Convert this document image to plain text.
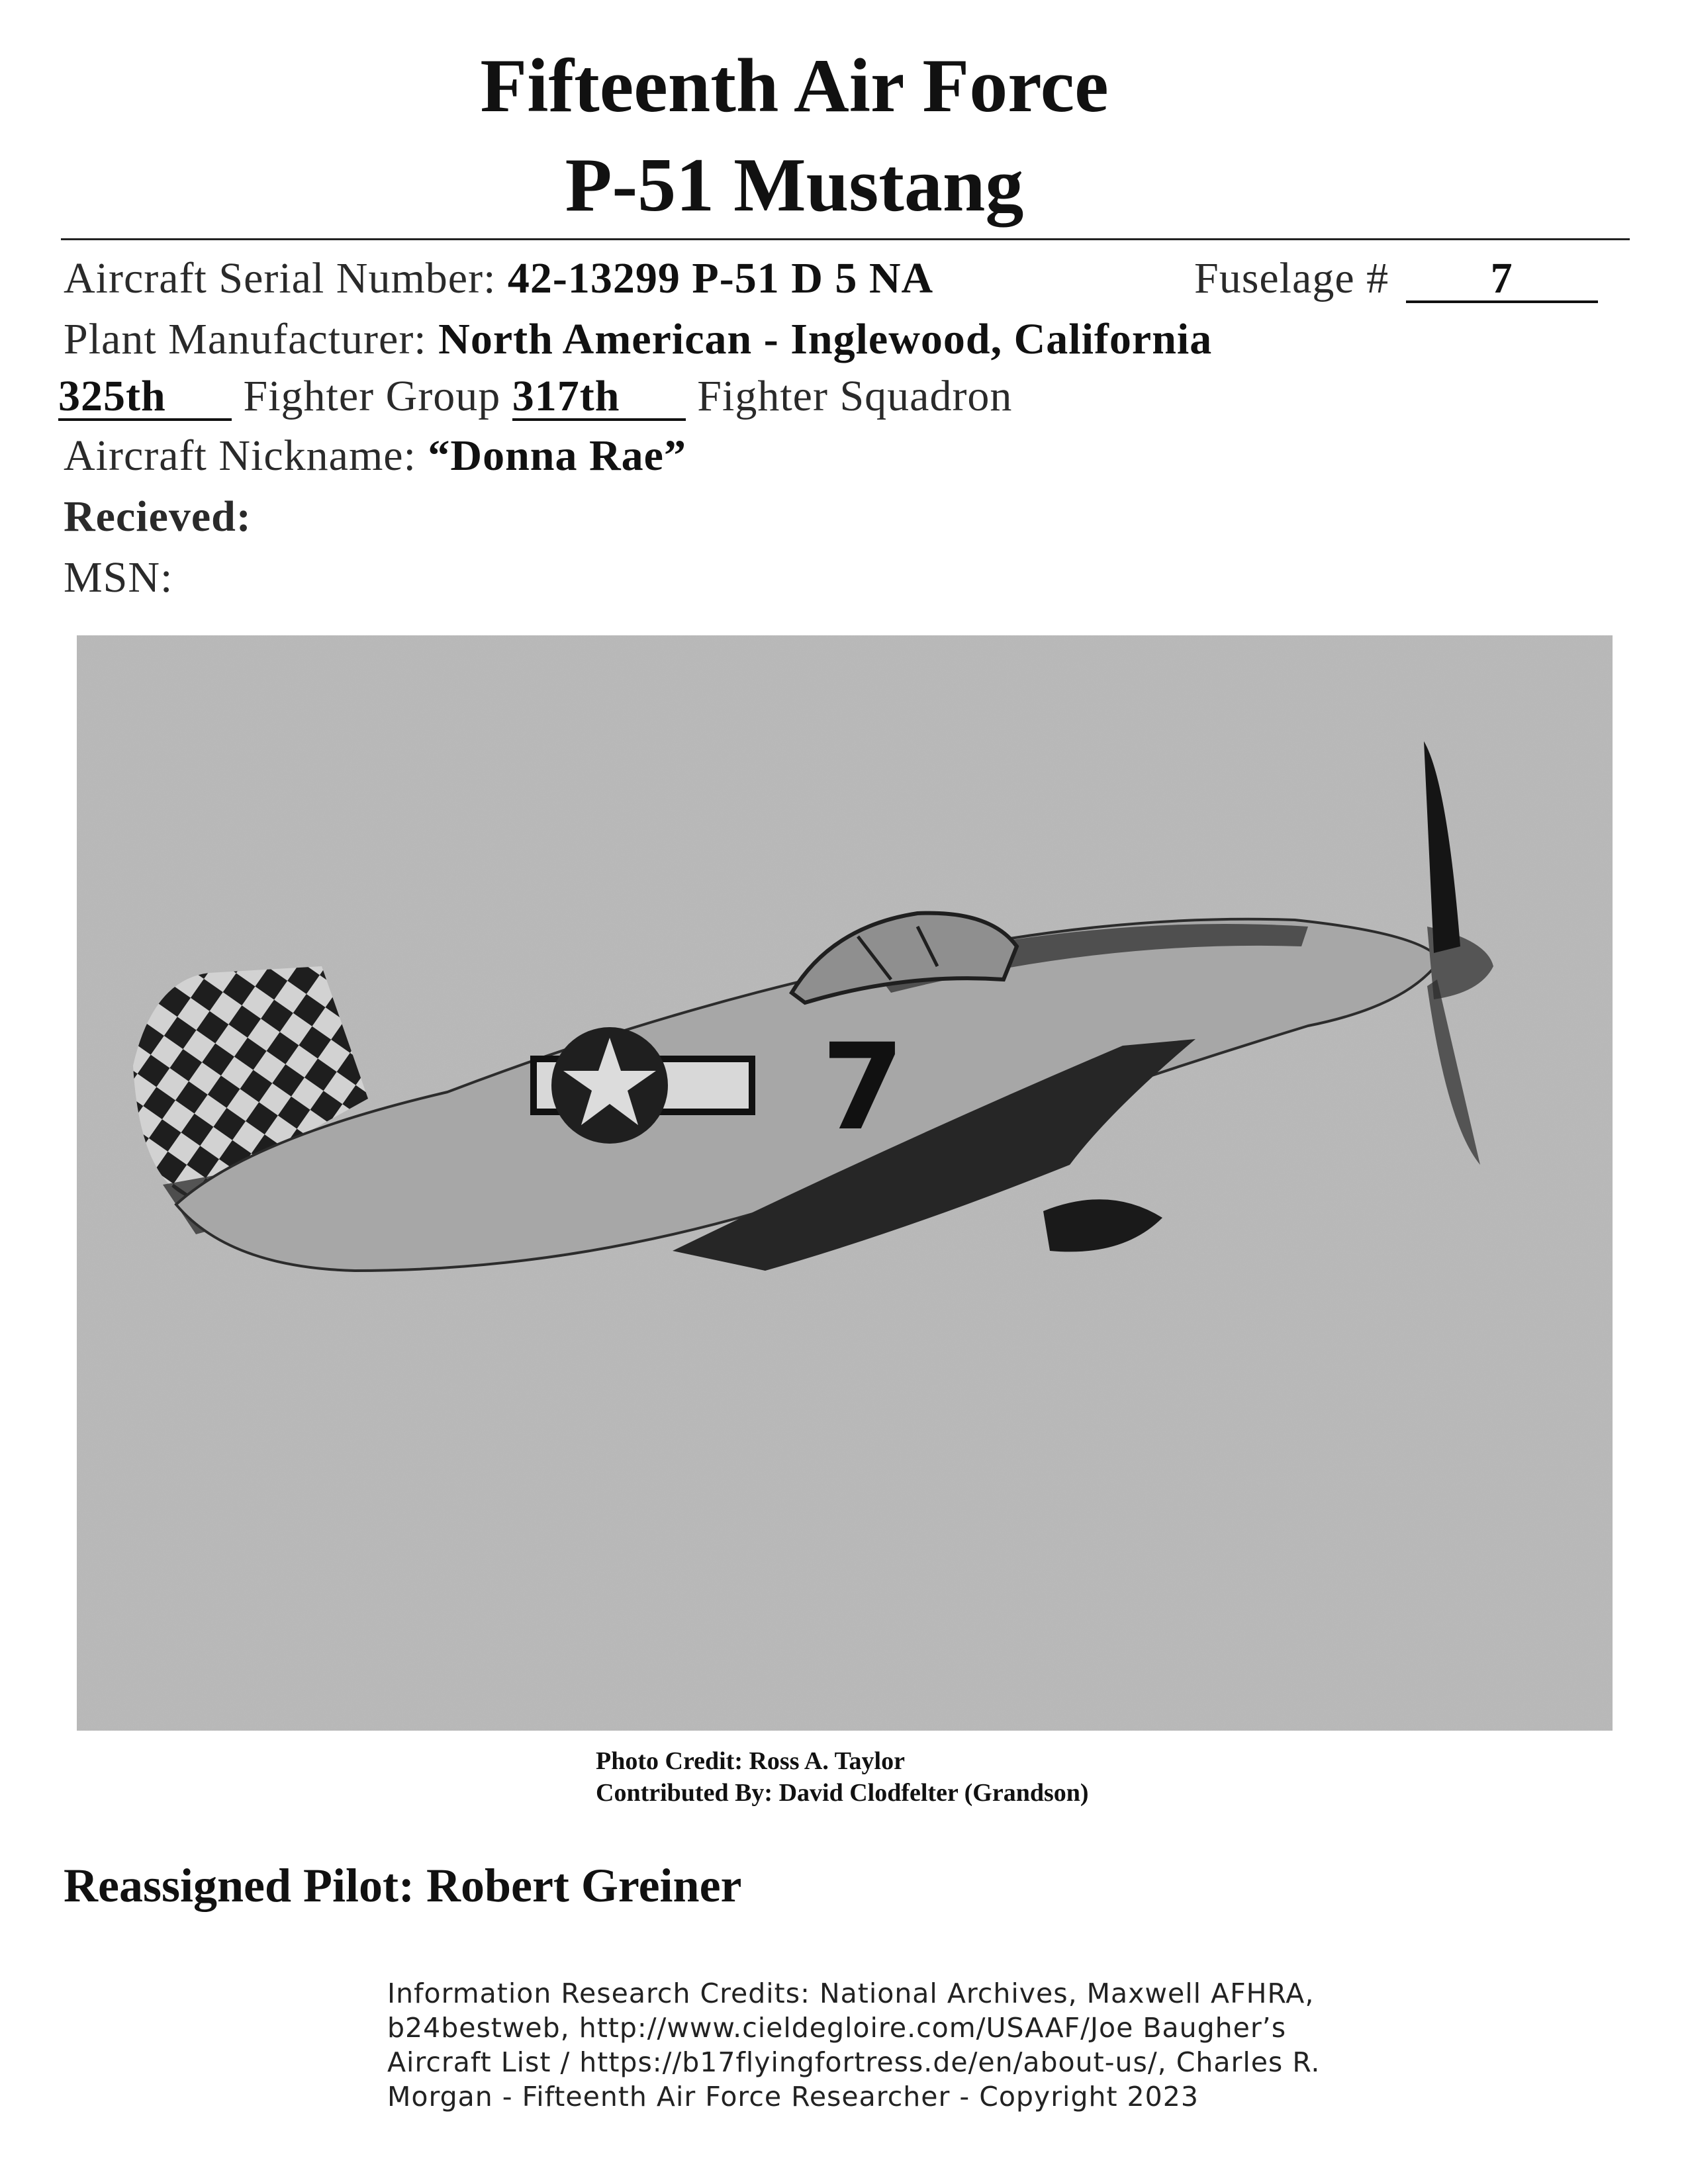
Fifteenth Air Force
P-51 Mustang
Aircraft Serial Number: 42-13299 P-51 D 5 NA	Fuselage # 7
Plant Manufacturer: North American - Inglewood, California
325th Fighter Group 317th Fighter Squadron
Aircraft Nickname: “Donna Rae”
Recieved:
MSN:
7
Photo Credit: Ross A. Taylor
Contributed By: David Clodfelter (Grandson)
Reassigned Pilot: Robert Greiner
Information Research Credits: National Archives, Maxwell AFHRA,
b24bestweb, http://www.cieldegloire.com/USAAF/Joe Baugher’s
Aircraft List / https://b17flyingfortress.de/en/about-us/, Charles R.
Morgan - Fifteenth Air Force Researcher - Copyright 2023
